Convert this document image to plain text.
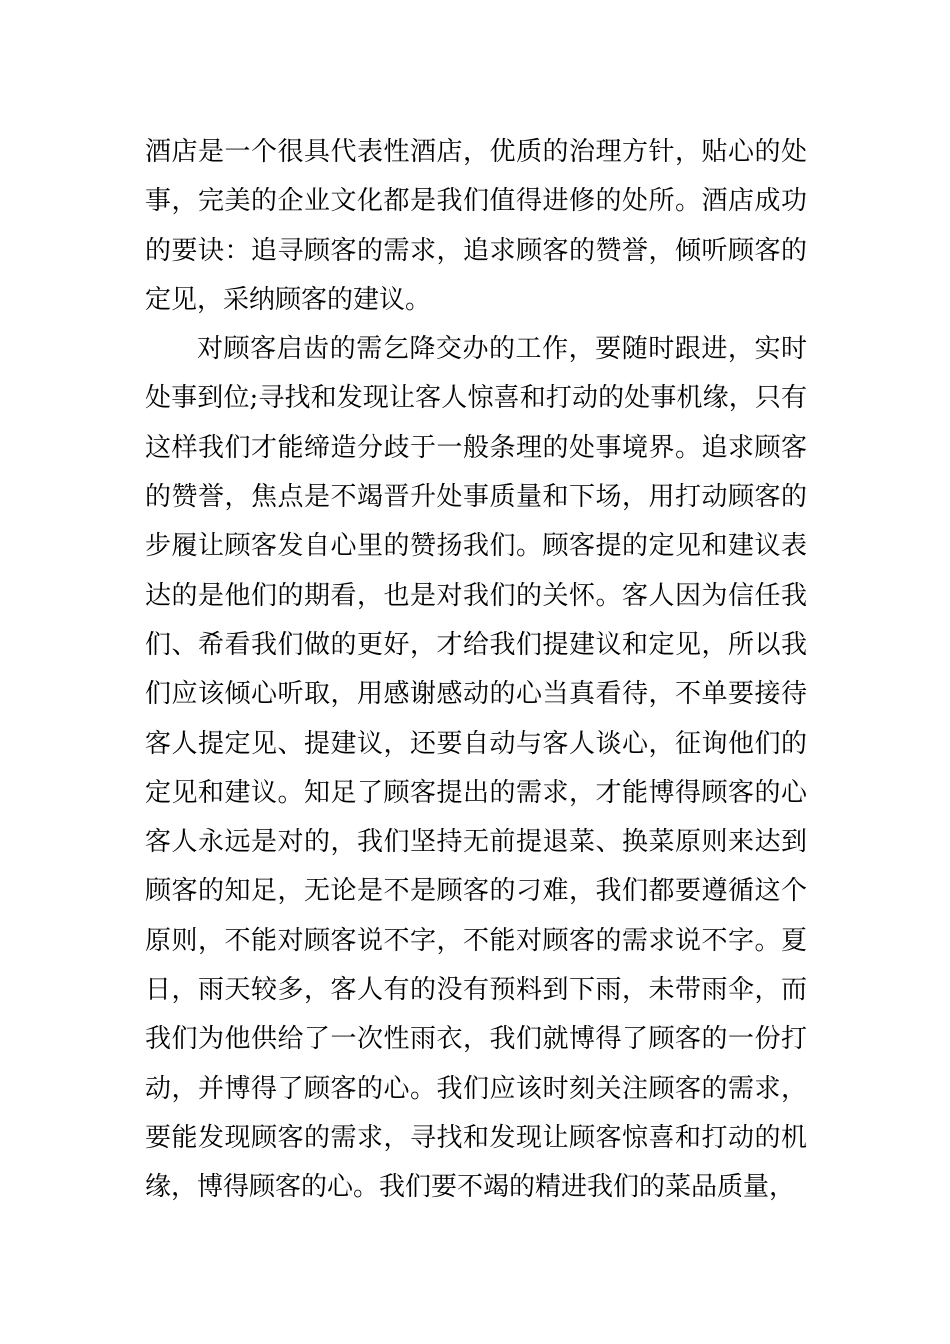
酒店是一个很具代表性酒店，优质的治理方针，贴心的处事，完美的企业文化都是我们值得进修的处所。酒店成功的要诀：追寻顾客的需求，追求顾客的赞誉，倾听顾客的定见，采纳顾客的建议。

对顾客启齿的需乞降交办的工作，要随时跟进，实时处事到位;寻找和发现让客人惊喜和打动的处事机缘，只有这样我们才能缔造分歧于一般条理的处事境界。追求顾客的赞誉，焦点是不竭晋升处事质量和下场，用打动顾客的步履让顾客发自心里的赞扬我们。顾客提的定见和建议表达的是他们的期看，也是对我们的关怀。客人因为信任我们、希看我们做的更好，才给我们提建议和定见，所以我们应该倾心听取，用感谢感动的心当真看待，不单要接待客人提定见、提建议，还要自动与客人谈心，征询他们的定见和建议。知足了顾客提出的需求，才能博得顾客的心客人永远是对的，我们坚持无前提退菜、换菜原则来达到顾客的知足，无论是不是顾客的刁难，我们都要遵循这个原则，不能对顾客说不字，不能对顾客的需求说不字。夏日，雨天较多，客人有的没有预料到下雨，未带雨伞，而我们为他供给了一次性雨衣，我们就博得了顾客的一份打动，并博得了顾客的心。我们应该时刻关注顾客的需求，要能发现顾客的需求，寻找和发现让顾客惊喜和打动的机缘，博得顾客的心。我们要不竭的精进我们的菜品质量，
